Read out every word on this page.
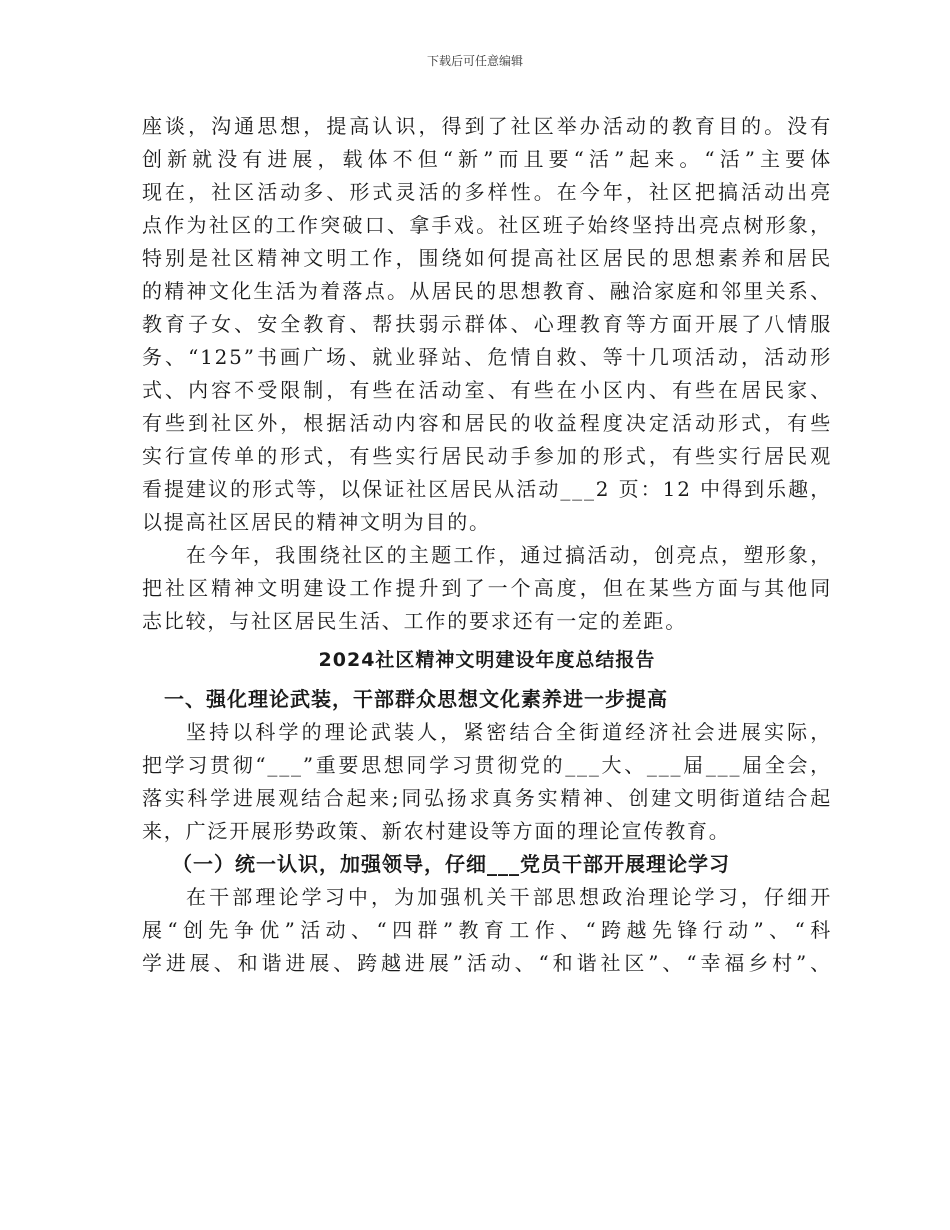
下载后可任意编辑
座谈，沟通思想，提高认识，得到了社区举办活动的教育目的。没有
创新就没有进展，载体不但“新”而且要“活”起来。“活”主要体
现在，社区活动多、形式灵活的多样性。在今年，社区把搞活动出亮
点作为社区的工作突破口、拿手戏。社区班子始终坚持出亮点树形象，
特别是社区精神文明工作，围绕如何提高社区居民的思想素养和居民
的精神文化生活为着落点。从居民的思想教育、融洽家庭和邻里关系、
教育子女、安全教育、帮扶弱示群体、心理教育等方面开展了八情服
务、“125”书画广场、就业驿站、危情自救、等十几项活动，活动形
式、内容不受限制，有些在活动室、有些在小区内、有些在居民家、
有些到社区外，根据活动内容和居民的收益程度决定活动形式，有些
实行宣传单的形式，有些实行居民动手参加的形式，有些实行居民观
看提建议的形式等，以保证社区居民从活动___2 页：12 中得到乐趣，
以提高社区居民的精神文明为目的。
在今年，我围绕社区的主题工作，通过搞活动，创亮点，塑形象，
把社区精神文明建设工作提升到了一个高度，但在某些方面与其他同
志比较，与社区居民生活、工作的要求还有一定的差距。
2024社区精神文明建设年度总结报告
一、强化理论武装，干部群众思想文化素养进一步提高
坚持以科学的理论武装人，紧密结合全街道经济社会进展实际，
把学习贯彻“___”重要思想同学习贯彻党的___大、___届___届全会，
落实科学进展观结合起来;同弘扬求真务实精神、创建文明街道结合起
来，广泛开展形势政策、新农村建设等方面的理论宣传教育。
（一）统一认识，加强领导，仔细___党员干部开展理论学习
在干部理论学习中，为加强机关干部思想政治理论学习，仔细开
展“创先争优”活动、“四群”教育工作、“跨越先锋行动”、“科
学进展、和谐进展、跨越进展”活动、“和谐社区”、“幸福乡村”、
